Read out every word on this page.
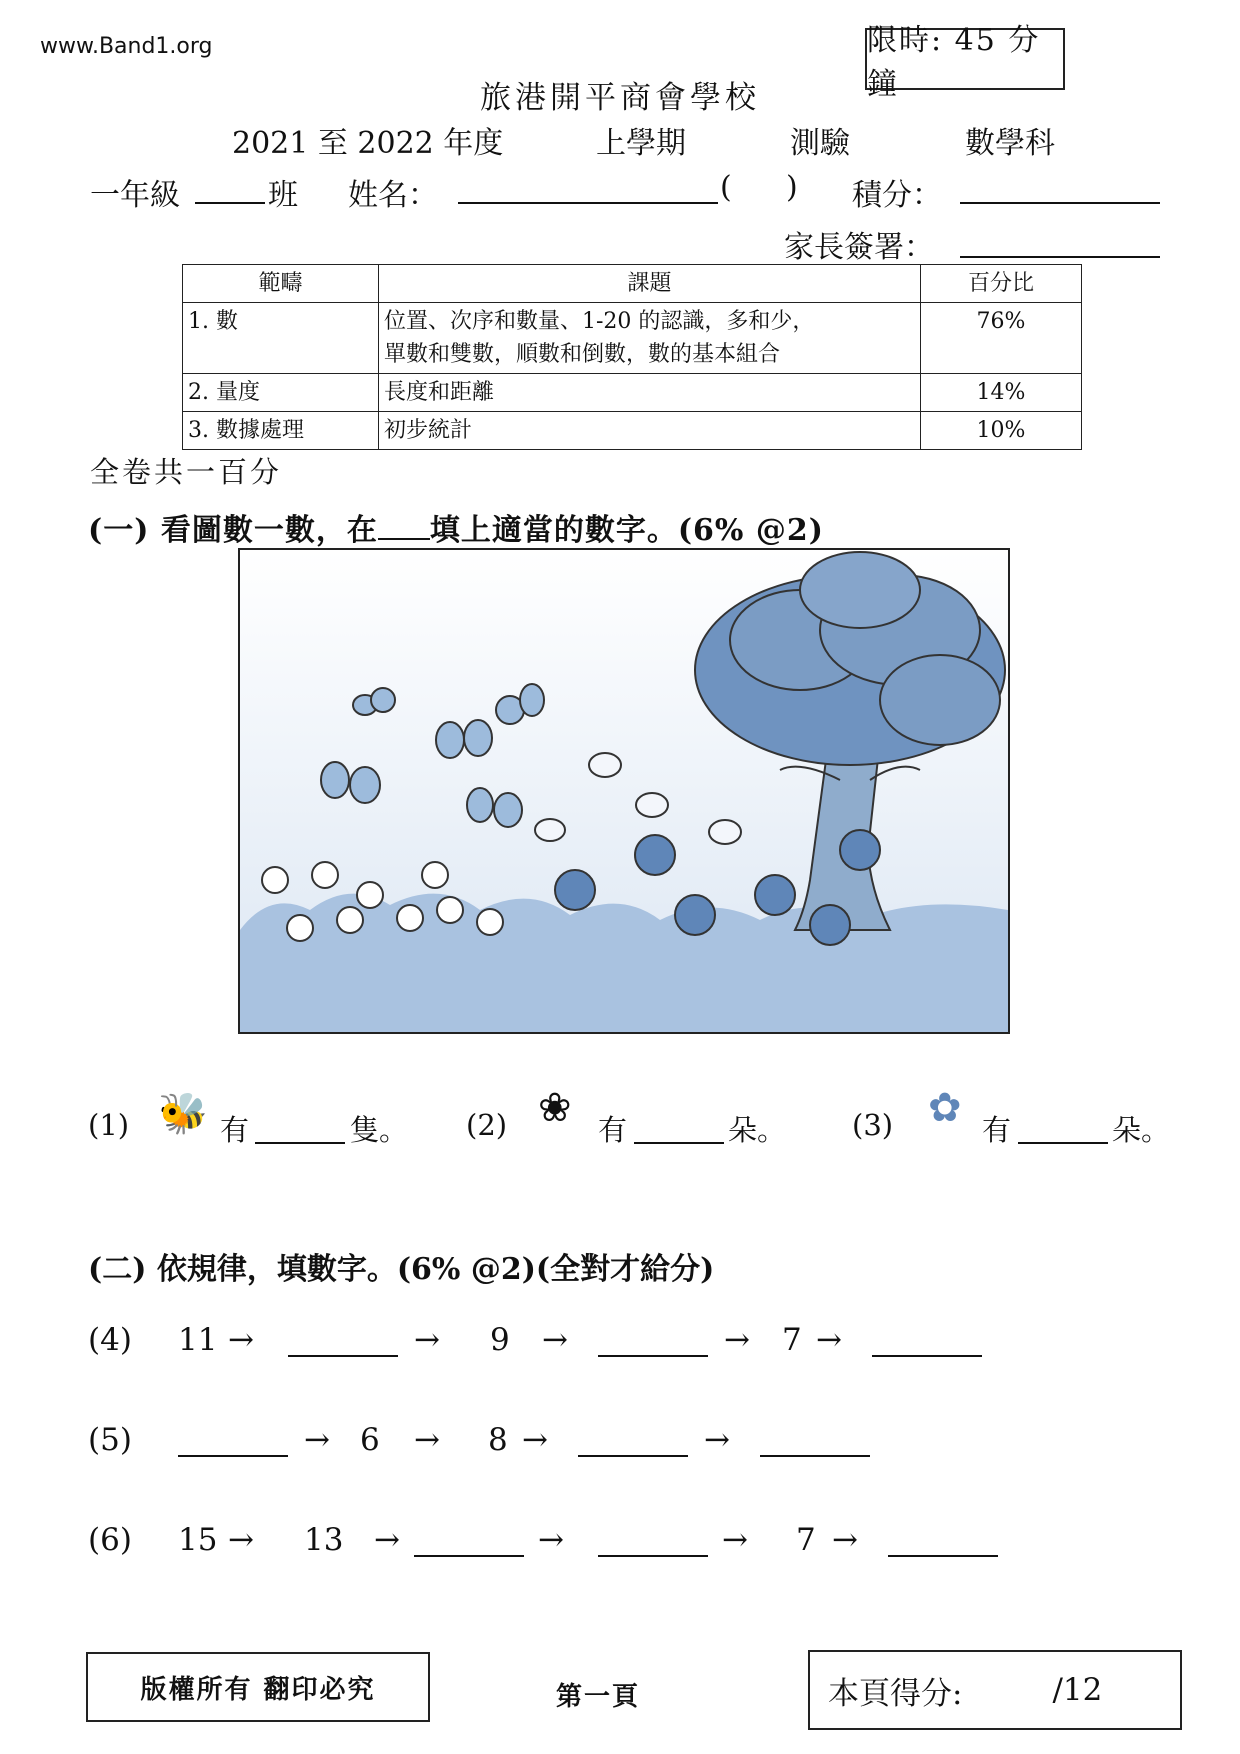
www.Band1.org	限時: 45 分鐘
旅港開平商會學校
2021 至 2022 年度	上學期	測驗	數學科
一年級	班 姓名：	( ) 積分：
家長簽署：
範疇	課題	百分比
1. 數	位置、次序和數量、1-20 的認識，多和少，
單數和雙數，順數和倒數，數的基本組合	76%
2. 量度	長度和距離	14%
3. 數據處理	初步統計	10%
全卷共一百分
(一) 看圖數一數，在 填上適當的數字。(6% @2)
(1) 🐝 有	隻。 (2) ❀ 有	朵。 (3) ✿ 有	朵。
(二) 依規律，填數字。(6% @2)(全對才給分)
(4) 11 →	→ 9 →	→ 7 →
(5)	→ 6 → 8 →	→
(6) 15 → 13 →	→	→ 7 →
版權所有 翻印必究	第一頁	本頁得分:	/12
